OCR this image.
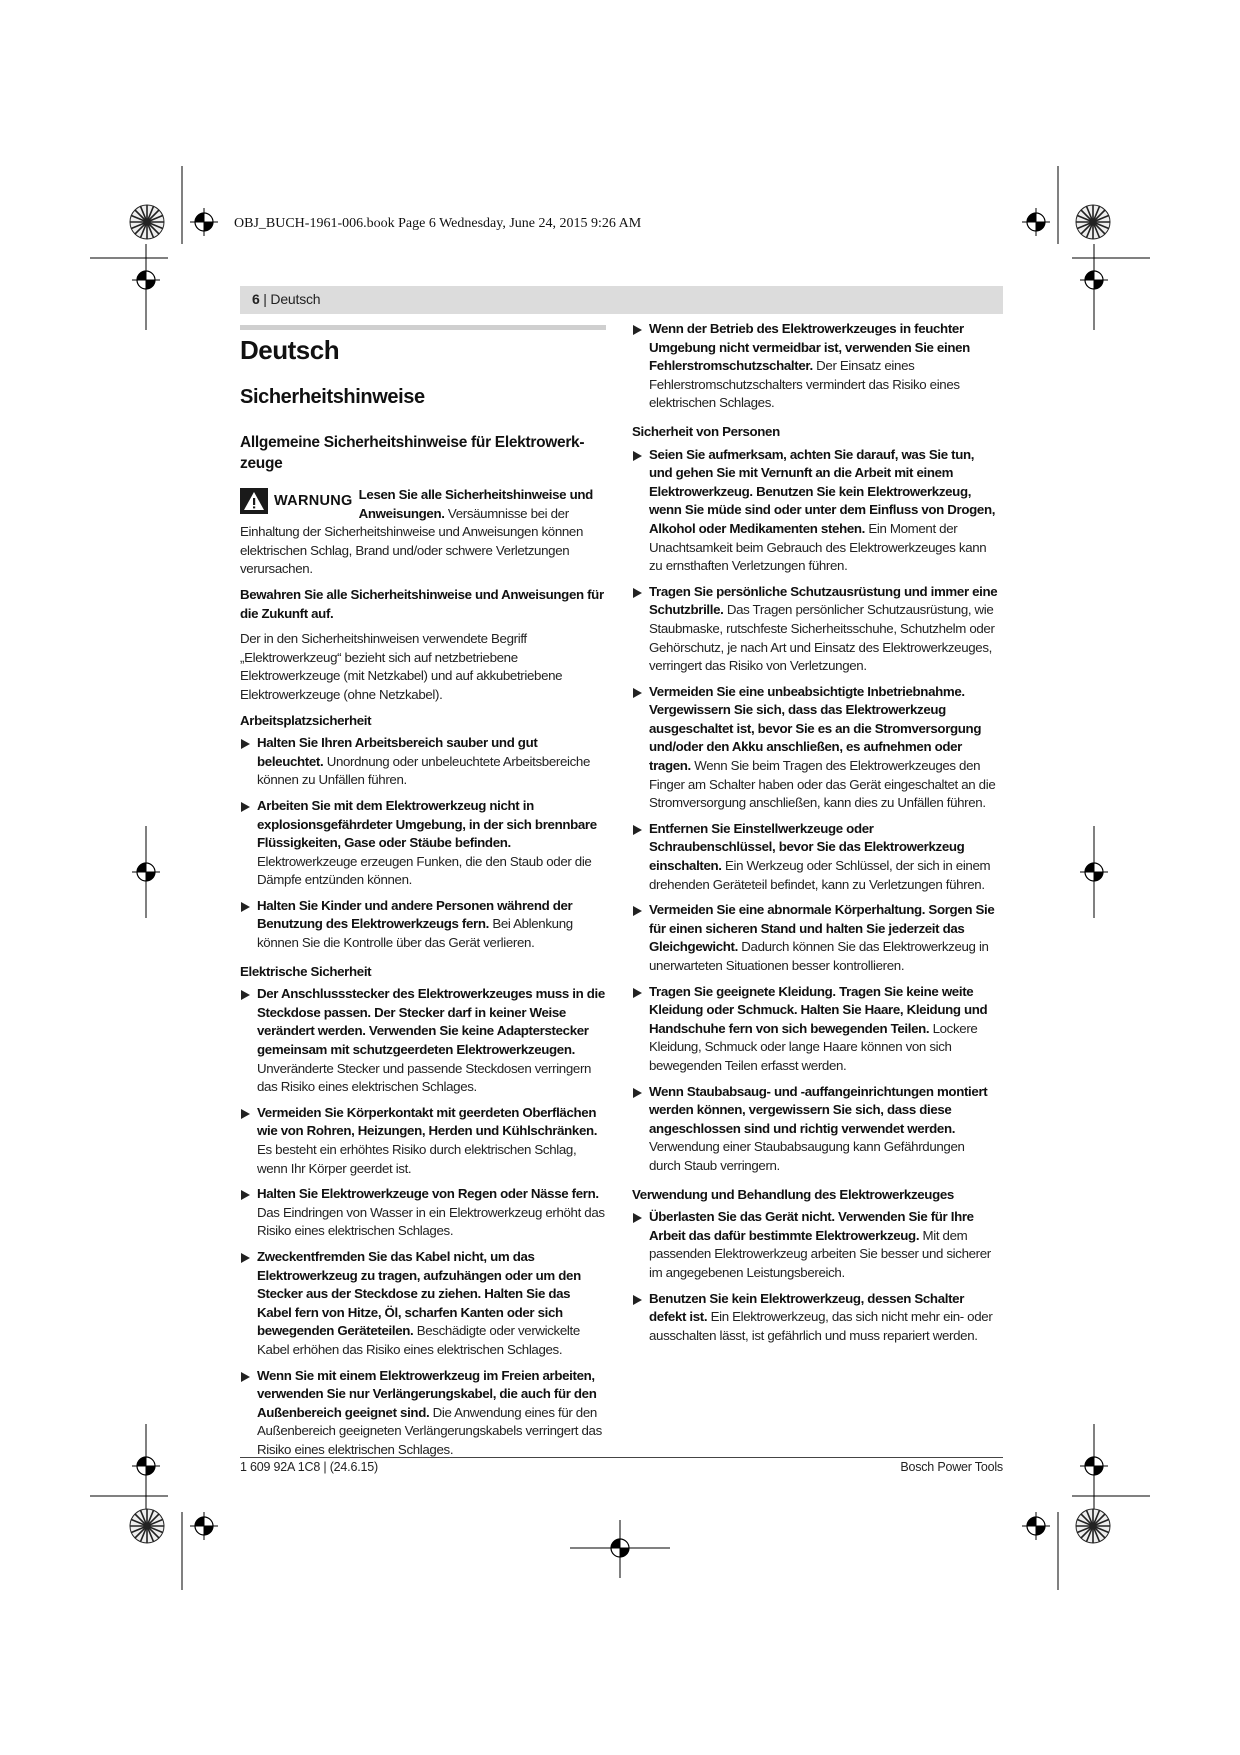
OBJ_BUCH-1961-006.book Page 6 Wednesday, June 24, 2015 9:26 AM
6 | Deutsch
Deutsch
Sicherheitshinweise
Allgemeine Sicherheitshinweise für Elektrowerk-zeuge
WARNUNG Lesen Sie alle Sicherheitshinweise und Anweisungen. Versäumnisse bei der Einhaltung der Sicherheitshinweise und Anweisungen können elektrischen Schlag, Brand und/oder schwere Verletzungen verursachen.

Bewahren Sie alle Sicherheitshinweise und Anweisungen für die Zukunft auf.

Der in den Sicherheitshinweisen verwendete Begriff „Elektrowerkzeug“ bezieht sich auf netzbetriebene Elektrowerkzeuge (mit Netzkabel) und auf akkubetriebene Elektrowerkzeuge (ohne Netzkabel).

Arbeitsplatzsicherheit
Halten Sie Ihren Arbeitsbereich sauber und gut beleuchtet. Unordnung oder unbeleuchtete Arbeitsbereiche können zu Unfällen führen.
Arbeiten Sie mit dem Elektrowerkzeug nicht in explosionsgefährdeter Umgebung, in der sich brennbare Flüssigkeiten, Gase oder Stäube befinden. Elektrowerkzeuge erzeugen Funken, die den Staub oder die Dämpfe entzünden können.
Halten Sie Kinder und andere Personen während der Benutzung des Elektrowerkzeugs fern. Bei Ablenkung können Sie die Kontrolle über das Gerät verlieren.
Elektrische Sicherheit
Der Anschlussstecker des Elektrowerkzeuges muss in die Steckdose passen. Der Stecker darf in keiner Weise verändert werden. Verwenden Sie keine Adapterstecker gemeinsam mit schutzgeerdeten Elektrowerkzeugen. Unveränderte Stecker und passende Steckdosen verringern das Risiko eines elektrischen Schlages.
Vermeiden Sie Körperkontakt mit geerdeten Oberflächen wie von Rohren, Heizungen, Herden und Kühlschränken. Es besteht ein erhöhtes Risiko durch elektrischen Schlag, wenn Ihr Körper geerdet ist.
Halten Sie Elektrowerkzeuge von Regen oder Nässe fern. Das Eindringen von Wasser in ein Elektrowerkzeug erhöht das Risiko eines elektrischen Schlages.
Zweckentfremden Sie das Kabel nicht, um das Elektrowerkzeug zu tragen, aufzuhängen oder um den Stecker aus der Steckdose zu ziehen. Halten Sie das Kabel fern von Hitze, Öl, scharfen Kanten oder sich bewegenden Geräteteilen. Beschädigte oder verwickelte Kabel erhöhen das Risiko eines elektrischen Schlages.
Wenn Sie mit einem Elektrowerkzeug im Freien arbeiten, verwenden Sie nur Verlängerungskabel, die auch für den Außenbereich geeignet sind. Die Anwendung eines für den Außenbereich geeigneten Verlängerungskabels verringert das Risiko eines elektrischen Schlages.
Wenn der Betrieb des Elektrowerkzeuges in feuchter Umgebung nicht vermeidbar ist, verwenden Sie einen Fehlerstromschutzschalter. Der Einsatz eines Fehlerstromschutzschalters vermindert das Risiko eines elektrischen Schlages.
Sicherheit von Personen
Seien Sie aufmerksam, achten Sie darauf, was Sie tun, und gehen Sie mit Vernunft an die Arbeit mit einem Elektrowerkzeug. Benutzen Sie kein Elektrowerkzeug, wenn Sie müde sind oder unter dem Einfluss von Drogen, Alkohol oder Medikamenten stehen. Ein Moment der Unachtsamkeit beim Gebrauch des Elektrowerkzeuges kann zu ernsthaften Verletzungen führen.
Tragen Sie persönliche Schutzausrüstung und immer eine Schutzbrille. Das Tragen persönlicher Schutzausrüstung, wie Staubmaske, rutschfeste Sicherheitsschuhe, Schutzhelm oder Gehörschutz, je nach Art und Einsatz des Elektrowerkzeuges, verringert das Risiko von Verletzungen.
Vermeiden Sie eine unbeabsichtigte Inbetriebnahme. Vergewissern Sie sich, dass das Elektrowerkzeug ausgeschaltet ist, bevor Sie es an die Stromversorgung und/oder den Akku anschließen, es aufnehmen oder tragen. Wenn Sie beim Tragen des Elektrowerkzeuges den Finger am Schalter haben oder das Gerät eingeschaltet an die Stromversorgung anschließen, kann dies zu Unfällen führen.
Entfernen Sie Einstellwerkzeuge oder Schraubenschlüssel, bevor Sie das Elektrowerkzeug einschalten. Ein Werkzeug oder Schlüssel, der sich in einem drehenden Geräteteil befindet, kann zu Verletzungen führen.
Vermeiden Sie eine abnormale Körperhaltung. Sorgen Sie für einen sicheren Stand und halten Sie jederzeit das Gleichgewicht. Dadurch können Sie das Elektrowerkzeug in unerwarteten Situationen besser kontrollieren.
Tragen Sie geeignete Kleidung. Tragen Sie keine weite Kleidung oder Schmuck. Halten Sie Haare, Kleidung und Handschuhe fern von sich bewegenden Teilen. Lockere Kleidung, Schmuck oder lange Haare können von sich bewegenden Teilen erfasst werden.
Wenn Staubabsaug- und -auffangeinrichtungen montiert werden können, vergewissern Sie sich, dass diese angeschlossen sind und richtig verwendet werden. Verwendung einer Staubabsaugung kann Gefährdungen durch Staub verringern.
Verwendung und Behandlung des Elektrowerkzeuges
Überlasten Sie das Gerät nicht. Verwenden Sie für Ihre Arbeit das dafür bestimmte Elektrowerkzeug. Mit dem passenden Elektrowerkzeug arbeiten Sie besser und sicherer im angegebenen Leistungsbereich.
Benutzen Sie kein Elektrowerkzeug, dessen Schalter defekt ist. Ein Elektrowerkzeug, das sich nicht mehr ein- oder ausschalten lässt, ist gefährlich und muss repariert werden.
1 609 92A 1C8 | (24.6.15)	Bosch Power Tools
